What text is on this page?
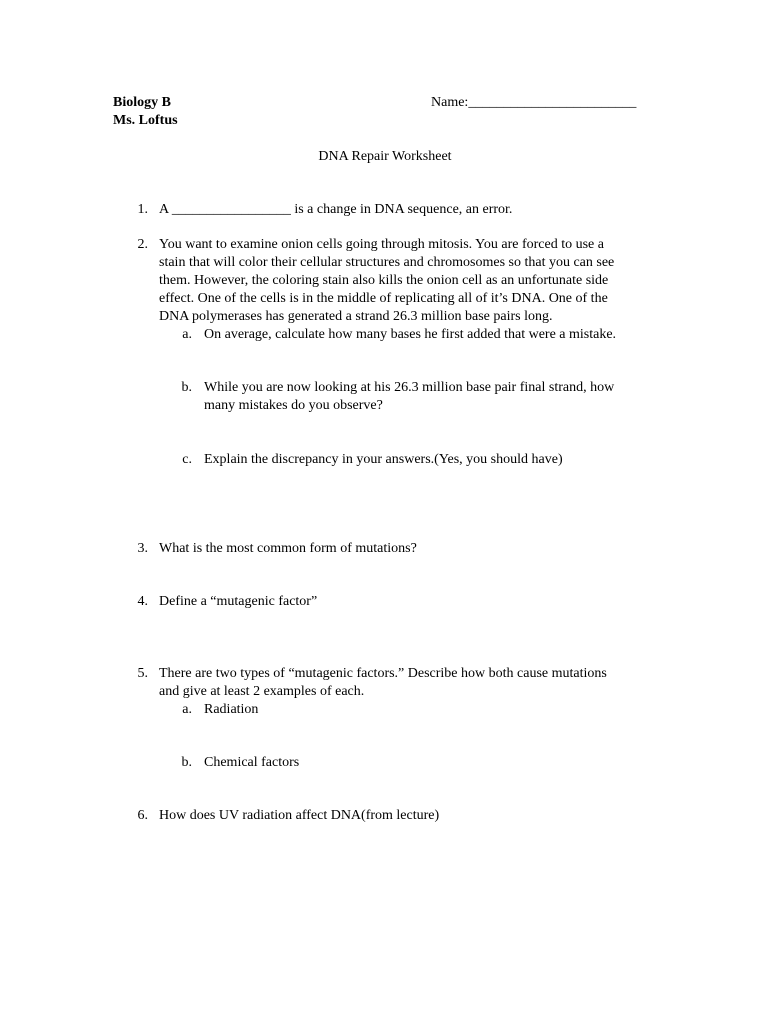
Biology B
Ms. Loftus
Name:________________________
DNA Repair Worksheet
1. A _________________ is a change in DNA sequence, an error.
2. You want to examine onion cells going through mitosis. You are forced to use a
stain that will color their cellular structures and chromosomes so that you can see
them. However, the coloring stain also kills the onion cell as an unfortunate side
effect. One of the cells is in the middle of replicating all of it’s DNA. One of the
DNA polymerases has generated a strand 26.3 million base pairs long.
a. On average, calculate how many bases he first added that were a mistake.
b. While you are now looking at his 26.3 million base pair final strand, how
many mistakes do you observe?
c. Explain the discrepancy in your answers.(Yes, you should have)
3. What is the most common form of mutations?
4. Define a “mutagenic factor”
5. There are two types of “mutagenic factors.” Describe how both cause mutations
and give at least 2 examples of each.
a. Radiation
b. Chemical factors
6. How does UV radiation affect DNA(from lecture)
